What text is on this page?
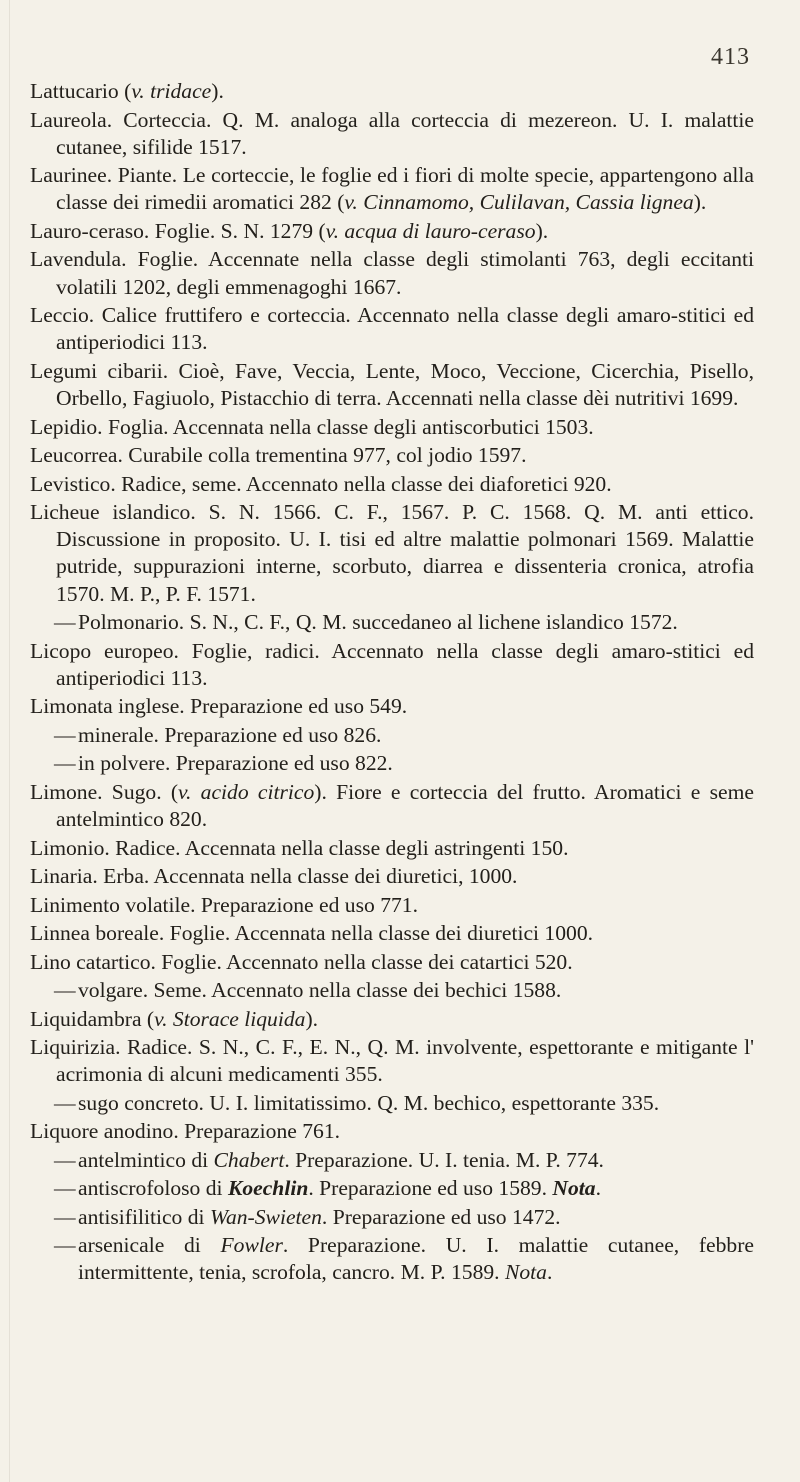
413

Lattucario (v. tridace).

Laureola. Corteccia. Q. M. analoga alla corteccia di mezereon. U. I. malattie cutanee, sifilide 1517.

Laurinee. Piante. Le corteccie, le foglie ed i fiori di molte specie, appartengono alla classe dei rimedii aromatici 282 (v. Cinnamomo, Culilavan, Cassia lignea).

Lauro-ceraso. Foglie. S. N. 1279 (v. acqua di lauro-ceraso).

Lavendula. Foglie. Accennate nella classe degli stimolanti 763, degli eccitanti volatili 1202, degli emmenagoghi 1667.

Leccio. Calice fruttifero e corteccia. Accennato nella classe degli amaro-stitici ed antiperiodici 113.

Legumi cibarii. Cioè, Fave, Veccia, Lente, Moco, Veccione, Cicerchia, Pisello, Orbello, Fagiuolo, Pistacchio di terra. Accennati nella classe dèi nutritivi 1699.

Lepidio. Foglia. Accennata nella classe degli antiscorbutici 1503.

Leucorrea. Curabile colla trementina 977, col jodio 1597.

Levistico. Radice, seme. Accennato nella classe dei diaforetici 920.

Licheue islandico. S. N. 1566. C. F., 1567. P. C. 1568. Q. M. anti ettico. Discussione in proposito. U. I. tisi ed altre malattie polmonari 1569. Malattie putride, suppurazioni interne, scorbuto, diarrea e dissenteria cronica, atrofia 1570. M. P., P. F. 1571.

— Polmonario. S. N., C. F., Q. M. succedaneo al lichene islandico 1572.

Licopo europeo. Foglie, radici. Accennato nella classe degli amaro-stitici ed antiperiodici 113.

Limonata inglese. Preparazione ed uso 549.

— minerale. Preparazione ed uso 826.

— in polvere. Preparazione ed uso 822.

Limone. Sugo. (v. acido citrico). Fiore e corteccia del frutto. Aromatici e seme antelmintico 820.

Limonio. Radice. Accennata nella classe degli astringenti 150.

Linaria. Erba. Accennata nella classe dei diuretici, 1000.

Linimento volatile. Preparazione ed uso 771.

Linnea boreale. Foglie. Accennata nella classe dei diuretici 1000.

Lino catartico. Foglie. Accennato nella classe dei catartici 520.

— volgare. Seme. Accennato nella classe dei bechici 1588.

Liquidambra (v. Storace liquida).

Liquirizia. Radice. S. N., C. F., E. N., Q. M. involvente, espettorante e mitigante l' acrimonia di alcuni medicamenti 355.

— sugo concreto. U. I. limitatissimo. Q. M. bechico, espettorante 335.

Liquore anodino. Preparazione 761.

— antelmintico di Chabert. Preparazione. U. I. tenia. M. P. 774.

— antiscrofoloso di Koechlin. Preparazione ed uso 1589. Nota.

— antisifilitico di Wan-Swieten. Preparazione ed uso 1472.

— arsenicale di Fowler. Preparazione. U. I. malattie cutanee, febbre intermittente, tenia, scrofola, cancro. M. P. 1589. Nota.
